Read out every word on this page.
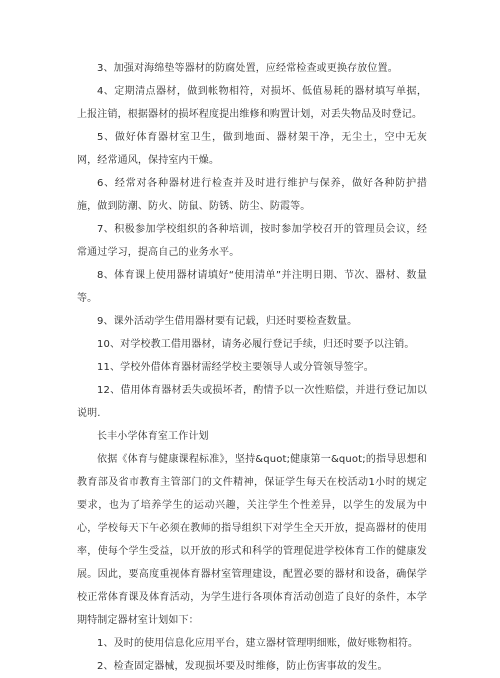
3、加强对海绵垫等器材的防腐处置，应经常检查或更换存放位置。

4、定期清点器材，做到帐物相符，对损坏、低值易耗的器材填写单据，上报注销，根据器材的损坏程度提出维修和购置计划，对丢失物品及时登记。

5、做好体育器材室卫生，做到地面、器材架干净，无尘土，空中无灰网，经常通风，保持室内干燥。

6、经常对各种器材进行检查并及时进行维护与保养，做好各种防护措施，做到防潮、防火、防鼠、防锈、防尘、防霞等。

7、积极参加学校组织的各种培训，按时参加学校召开的管理员会议，经常通过学习，提高自己的业务水平。

8、体育课上使用器材请填好“使用清单”并注明日期、节次、器材、数量等。

9、课外活动学生借用器材要有记载，归还时要检查数量。

10、对学校教工借用器材，请务必履行登记手续，归还时要予以注销。

11、学校外借体育器材需经学校主要领导人或分管领导签字。

12、借用体育器材丢失或损坏者，酌情予以一次性赔偿，并进行登记加以说明.

长丰小学体育室工作计划

依据《体育与健康课程标准》，坚持&quot;健康第一&quot;的指导思想和教育部及省市教育主管部门的文件精神，保证学生每天在校活动1小时的规定要求，也为了培养学生的运动兴趣，关注学生个性差异，以学生的发展为中心，学校每天下午必须在教师的指导组织下对学生全天开放，提高器材的使用率，使每个学生受益，以开放的形式和科学的管理促进学校体育工作的健康发展。因此，要高度重视体育器材室管理建设，配置必要的器材和设备，确保学校正常体育课及体育活动，为学生进行各项体育活动创造了良好的条件，本学期特制定器材室计划如下：

1、及时的使用信息化应用平台，建立器材管理明细账，做好账物相符。

2、检查固定器械，发现损坏要及时维修，防止伤害事故的发生。
